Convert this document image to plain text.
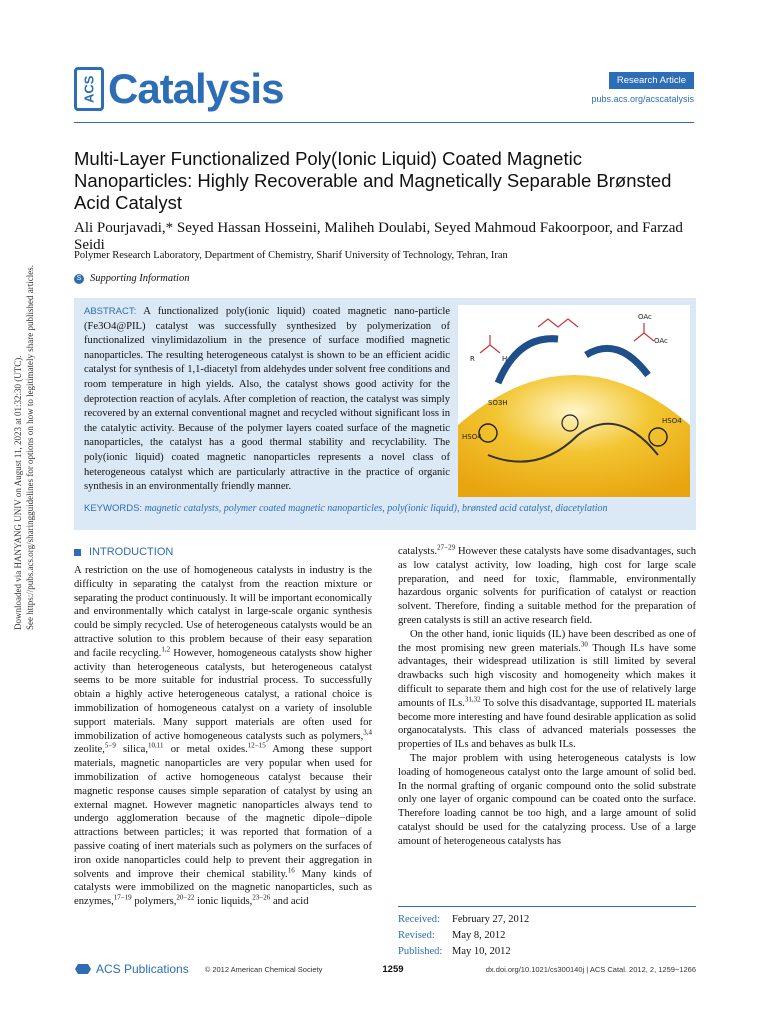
Downloaded via HANYANG UNIV on August 11, 2023 at 01:32:30 (UTC). See https://pubs.acs.org/sharingguidelines for options on how to legitimately share published articles.
ACS Catalysis	Research Article
pubs.acs.org/acscatalysis
Multi-Layer Functionalized Poly(Ionic Liquid) Coated Magnetic Nanoparticles: Highly Recoverable and Magnetically Separable Brønsted Acid Catalyst
Ali Pourjavadi,* Seyed Hassan Hosseini, Maliheh Doulabi, Seyed Mahmoud Fakoorpoor, and Farzad Seidi
Polymer Research Laboratory, Department of Chemistry, Sharif University of Technology, Tehran, Iran
S Supporting Information
ABSTRACT: A functionalized poly(ionic liquid) coated magnetic nano-particle (Fe3O4@PIL) catalyst was successfully synthesized by polymerization of functionalized vinylimidazolium in the presence of surface modified magnetic nanoparticles. The resulting heterogeneous catalyst is shown to be an efficient acidic catalyst for synthesis of 1,1-diacetyl from aldehydes under solvent free conditions and room temperature in high yields. Also, the catalyst shows good activity for the deprotection reaction of acylals. After completion of reaction, the catalyst was simply recovered by an external conventional magnet and recycled without significant loss in the catalytic activity. Because of the polymer layers coated surface of the magnetic nanoparticles, the catalyst has a good thermal stability and recyclability. The poly(ionic liquid) coated magnetic nanoparticles represents a novel class of heterogeneous catalyst which are particularly attractive in the practice of organic synthesis in an environmentally friendly manner.
R	H
OAc
OAc
SO3H
HSO4
HSO4
KEYWORDS: magnetic catalysts, polymer coated magnetic nanoparticles, poly(ionic liquid), brønsted acid catalyst, diacetylation
INTRODUCTION

A restriction on the use of homogeneous catalysts in industry is the difficulty in separating the catalyst from the reaction mixture or separating the product continuously. It will be important economically and environmentally which catalyst in large-scale organic synthesis could be simply recycled. Use of heterogeneous catalysts would be an attractive solution to this problem because of their easy separation and facile recycling.$^{1,2}$ However, homogeneous catalysts show higher activity than heterogeneous catalysts, but heterogeneous catalyst seems to be more suitable for industrial process. To successfully obtain a highly active heterogeneous catalyst, a rational choice is immobilization of homogeneous catalyst on a variety of insoluble support materials. Many support materials are often used for immobilization of active homogeneous catalysts such as polymers,$^{3,4}$ zeolite,$^{5-9}$ silica,$^{10,11}$ or metal oxides.$^{12-15}$ Among these support materials, magnetic nanoparticles are very popular when used for immobilization of active homogeneous catalyst because their magnetic response causes simple separation of catalyst by using an external magnet. However magnetic nanoparticles always tend to undergo agglomeration because of the magnetic dipole−dipole attractions between particles; it was reported that formation of a passive coating of inert materials such as polymers on the surfaces of iron oxide nanoparticles could help to prevent their aggregation in solvents and improve their chemical stability.$^{16}$ Many kinds of catalysts were immobilized on the magnetic nanoparticles, such as enzymes,$^{17-19}$ polymers,$^{20-22}$ ionic liquids,$^{23-26}$ and acid

catalysts.$^{27-29}$ However these catalysts have some disadvantages, such as low catalyst activity, low loading, high cost for large scale preparation, and need for toxic, flammable, environmentally hazardous organic solvents for purification of catalyst or reaction solvent. Therefore, finding a suitable method for the preparation of green catalysts is still an active research field.

On the other hand, ionic liquids (IL) have been described as one of the most promising new green materials.$^{30}$ Though ILs have some advantages, their widespread utilization is still limited by several drawbacks such high viscosity and homogeneity which makes it difficult to separate them and high cost for the use of relatively large amounts of ILs.$^{31,32}$ To solve this disadvantage, supported IL materials become more interesting and have found desirable application as solid organocatalysts. This class of advanced materials possesses the properties of ILs and behaves as bulk ILs.

The major problem with using heterogeneous catalysts is low loading of homogeneous catalyst onto the large amount of solid bed. In the normal grafting of organic compound onto the solid substrate only one layer of organic compound can be coated onto the surface. Therefore loading cannot be too high, and a large amount of solid catalyst should be used for the catalyzing process. Use of a large amount of heterogeneous catalysts has

Received:	February 27, 2012
Revised:	May 8, 2012
Published: May 10, 2012
ACS Publications © 2012 American Chemical Society	1259	dx.doi.org/10.1021/cs300140j | ACS Catal. 2012, 2, 1259−1266
